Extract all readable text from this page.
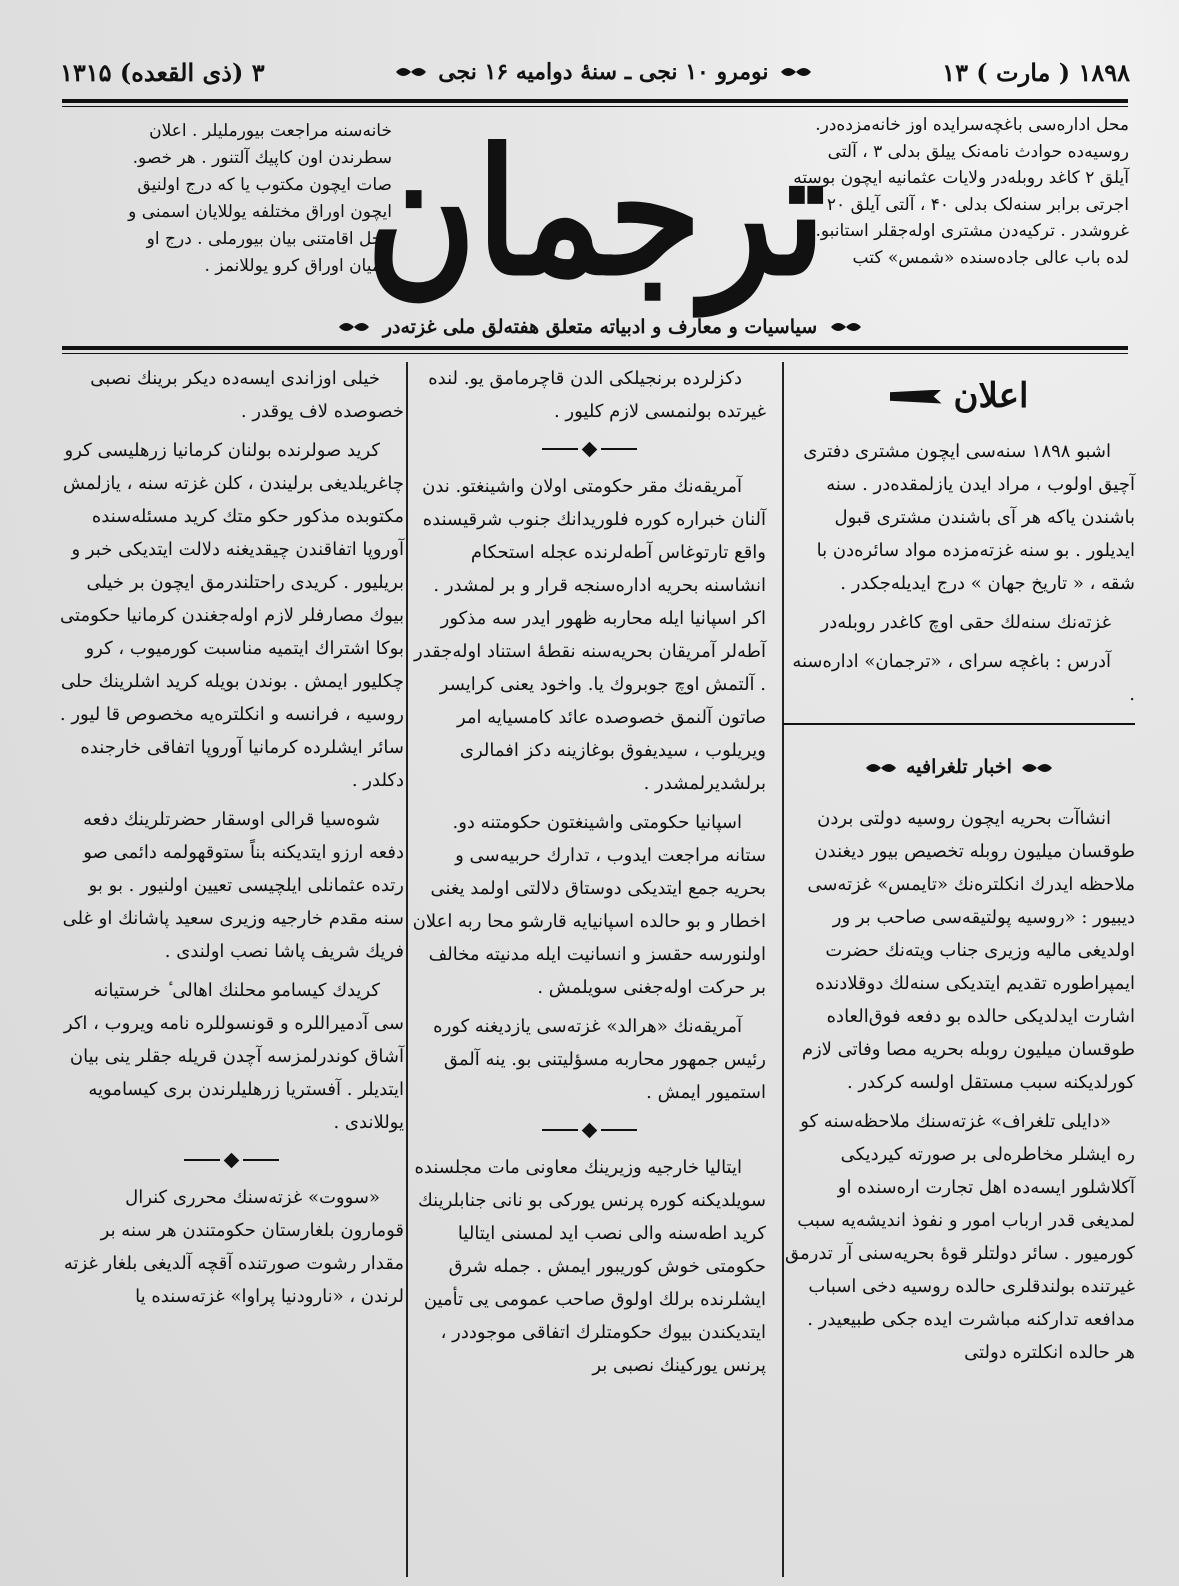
۳ (ذی القعده) ۱۳۱۵	نومرو ۱۰ نجی ـ سنهٔ دوامیه ۱۶ نجی	۱۸۹۸ ( مارت ) ۱۳
محل اداره‌سی باغچه‌سرایده اوز خانه‌مزده‌در.
روسیه‌ده حوادث نامه‌نک ییلق بدلی ۳ ، آلتی
آیلق ۲ کاغد روبله‌در ولایات عثمانیه ایچون بوسته
اجرتی برابر سنه‌لک بدلی ۴۰ ، آلتی آیلق ۲۰
غروشدر . ترکیه‌دن مشتری اوله‌جقلر استانبو.
لده باب عالی جاده‌سنده «شمس» کتب
ترجمان
خانه‌سنه مراجعت بیورملیلر . اعلان
سطرندن اون کاپیك آلتنور . هر خصو.
صات ایچون مکتوب یا که درج اولنیق
ایچون اوراق مختلفه یوللایان اسمنی و
محل اقامتنی بیان بیورملی . درج او
لنمیان اوراق کرو یوللانمز .
سیاسیات و معارف و ادبیاته متعلق هفته‌لق ملی غزته‌در
اعلان

اشبو ۱۸۹۸ سنه‌سی ایچون مشتری دفتری آچیق اولوب ، مراد ایدن یازلمقده‌در . سنه باشندن یاکه هر آی باشندن مشتری قبول ایدیلور . بو سنه غزته‌مزده مواد سائره‌دن با شقه ، « تاریخ جهان » درج ایدیله‌جکدر .

غزته‌نك سنه‌لك حقی اوچ کاغدر روبله‌در

آدرس : باغچه سرای ، «ترجمان» اداره‌سنه .

اخبار تلغرافیه

انشاآت بحریه ایچون روسیه دولتی بردن طوقسان میلیون روبله تخصیص بیور دیغندن ملاحظه ایدرك انکلتره‌نك «تایمس» غزته‌سی دیبیور : «روسیه پولتیقه‌سی صاحب بر ور اولدیغی مالیه وزیری جناب ویته‌نك حضرت ایمپراطوره تقدیم ایتدیکی سنه‌لك دوقلادنده اشارت ایدلدیکی حالده بو دفعه فوق‌العاده طوقسان میلیون روبله بحریه مصا وفاتی لازم کورلدیکنه سبب مستقل اولسه کرکدر .

«دایلی تلغراف» غزته‌سنك ملاحظه‌سنه کو ره ایشلر مخاطره‌لی بر صورته کیردیکی آکلاشلور ایسه‌ده اهل تجارت اره‌سنده او لمدیغی قدر ارباب امور و نفوذ اندیشه‌یه سبب کورمیور . سائر دولتلر قوهٔ بحریه‌سنی آر تدرمق غیرتنده بولندقلری حالده روسیه دخی اسباب مدافعه تدارکنه مباشرت ایده جکی طبیعیدر . هر حالده انکلتره دولتی

دکزلرده برنجیلکی الدن قاچرمامق یو. لنده غیرتده بولنمسی لازم کلیور .

آمریقه‌نك مقر حکومتی اولان واشینغتو. ندن آلنان خبراره کوره فلوریدانك جنوب شرقیسنده واقع تارتوغاس آطه‌لرنده عجله استحکام انشاسنه بحریه اداره‌سنجه قرار و بر لمشدر . اکر اسپانیا ایله محاربه ظهور ایدر سه مذکور آطه‌لر آمریقان بحریه‌سنه نقطهٔ استناد اوله‌جقدر . آلتمش اوچ جوبروك یا. واخود یعنی کرایسر صاتون آلنمق خصوصده عائد کامسیایه امر ویریلوب ، سیدیفوق بوغازینه دکز افمالری برلشدیرلمشدر .

اسپانیا حکومتی واشینغتون حکومتنه دو. ستانه مراجعت ایدوب ، تدارك حربیه‌سی و بحریه جمع ایتدیکی دوستاق دلالتی اولمد یغنی اخطار و بو حالده اسپانیایه قارشو محا ربه اعلان اولنورسه حقسز و انسانیت ایله مدنیته مخالف بر حرکت اوله‌جغنی سویلمش .

آمریقه‌نك «هرالد» غزته‌سی یازدیغنه کوره رئیس جمهور محاربه مسؤلیتنی بو. ینه آلمق استمیور ایمش .

ایتالیا خارجیه وزیرینك معاونی مات مجلسنده سویلدیکنه کوره پرنس یورکی بو نانی جنابلرینك کرید اطه‌سنه والی نصب اید لمسنی ایتالیا حکومتی خوش کوریبور ایمش . جمله شرق ایشلرنده برلك اولوق صاحب عمومی یی تأمین ایتدیکندن بیوك حکومتلرك اتفاقی موجوددر ، پرنس یورکینك نصبی بر

خیلی اوزاندی ایسه‌ده دیکر برینك نصبی خصوصده لاف یوقدر .

کرید صولرنده بولنان کرمانیا زرهلیسی کرو چاغریلدیغی برلیندن ، کلن غزته سنه ، یازلمش مکتوبده مذکور حکو متك کرید مسئله‌سنده آوروپا اتفاقندن چیقدیغنه دلالت ایتدیکی خبر و بریلیور . کریدی راحتلندرمق ایچون بر خیلی بیوك مصارفلر لازم اوله‌جغندن کرمانیا حکومتی بوکا اشتراك ایتمیه مناسبت کورمیوب ، کرو چکلیور ایمش . بوندن بویله کرید اشلرینك حلی روسیه ، فرانسه و انکلتره‌یه مخصوص قا لیور . سائر ایشلرده کرمانیا آوروپا اتفاقی خارجنده دکلدر .

شوه‌سیا قرالی اوسقار حضرتلرینك دفعه دفعه ارزو ایتدیکنه بناً ستوقهولمه دائمی صو رتده عثمانلی ایلچیسی تعیین اولنیور . بو بو سنه مقدم خارجیه وزیری سعید پاشانك او غلی فریك شریف پاشا نصب اولندی .

کریدك کیسامو محلنك اهالی ٔ خرستیانه سی آدمیراللره و قونسوللره نامه ویروب ، اکر آشاق کوندرلمزسه آچدن قریله جقلر ینی بیان ایتدیلر . آفستریا زرهلیلرندن بری کیسامویه یوللاندی .

«سووت» غزته‌سنك محرری کنرال قومارون بلغارستان حکومتندن هر سنه بر مقدار رشوت صورتنده آقچه آلدیغی بلغار غزته لرندن ، «نارودنیا پراوا» غزته‌سنده یا
